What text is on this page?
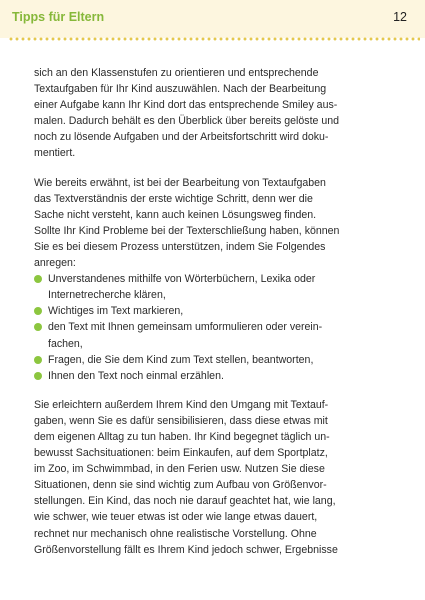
Tipps für Eltern	12

sich an den Klassenstufen zu orientieren und entsprechende
Textaufgaben für Ihr Kind auszuwählen. Nach der Bearbeitung
einer Aufgabe kann Ihr Kind dort das entsprechende Smiley aus-
malen. Dadurch behält es den Überblick über bereits gelöste und
noch zu lösende Aufgaben und der Arbeitsfortschritt wird doku-
mentiert.

Wie bereits erwähnt, ist bei der Bearbeitung von Textaufgaben
das Textverständnis der erste wichtige Schritt, denn wer die
Sache nicht versteht, kann auch keinen Lösungsweg finden.
Sollte Ihr Kind Probleme bei der Texterschließung haben, können
Sie es bei diesem Prozess unterstützen, indem Sie Folgendes
anregen:

Unverstandenes mithilfe von Wörterbüchern, Lexika oder
Internetrecherche klären,
Wichtiges im Text markieren,
den Text mit Ihnen gemeinsam umformulieren oder verein-
fachen,
Fragen, die Sie dem Kind zum Text stellen, beantworten,
Ihnen den Text noch einmal erzählen.

Sie erleichtern außerdem Ihrem Kind den Umgang mit Textauf-
gaben, wenn Sie es dafür sensibilisieren, dass diese etwas mit
dem eigenen Alltag zu tun haben. Ihr Kind begegnet täglich un-
bewusst Sachsituationen: beim Einkaufen, auf dem Sportplatz,
im Zoo, im Schwimmbad, in den Ferien usw. Nutzen Sie diese
Situationen, denn sie sind wichtig zum Aufbau von Größenvor-
stellungen. Ein Kind, das noch nie darauf geachtet hat, wie lang,
wie schwer, wie teuer etwas ist oder wie lange etwas dauert,
rechnet nur mechanisch ohne realistische Vorstellung. Ohne
Größenvorstellung fällt es Ihrem Kind jedoch schwer, Ergebnisse
